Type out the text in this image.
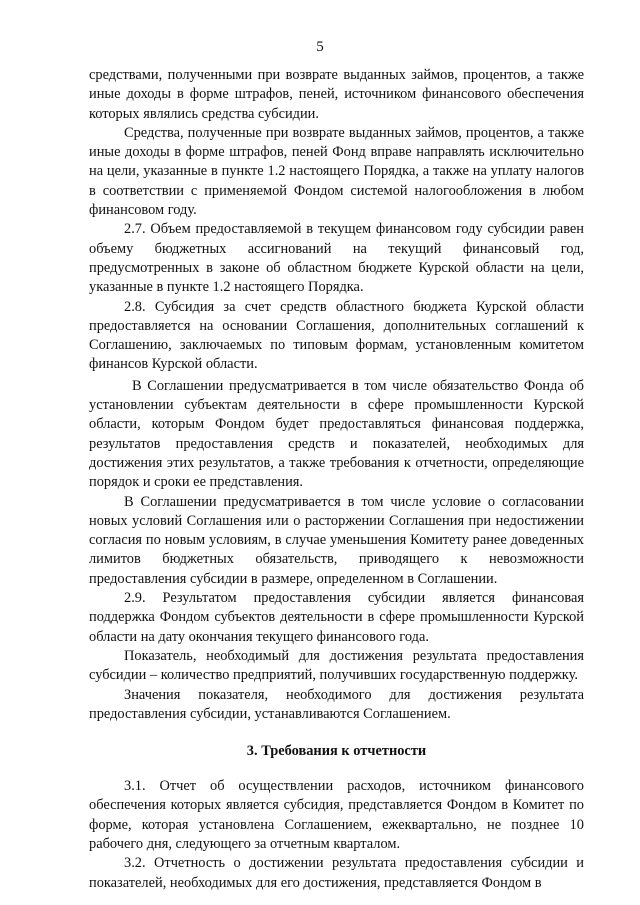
5

средствами, полученными при возврате выданных займов, процентов, а также иные доходы в форме штрафов, пеней, источником финансового обеспечения которых являлись средства субсидии.

Средства, полученные при возврате выданных займов, процентов, а также иные доходы в форме штрафов, пеней Фонд вправе направлять исключительно на цели, указанные в пункте 1.2 настоящего Порядка, а также на уплату налогов в соответствии с применяемой Фондом системой налогообложения в любом финансовом году.

2.7. Объем предоставляемой в текущем финансовом году субсидии равен объему бюджетных ассигнований на текущий финансовый год, предусмотренных в законе об областном бюджете Курской области на цели, указанные в пункте 1.2 настоящего Порядка.

2.8. Субсидия за счет средств областного бюджета Курской области предоставляется на основании Соглашения, дополнительных соглашений к Соглашению, заключаемых по типовым формам, установленным комитетом финансов Курской области.

В Соглашении предусматривается в том числе обязательство Фонда об установлении субъектам деятельности в сфере промышленности Курской области, которым Фондом будет предоставляться финансовая поддержка, результатов предоставления средств и показателей, необходимых для достижения этих результатов, а также требования к отчетности, определяющие порядок и сроки ее представления.

В Соглашении предусматривается в том числе условие о согласовании новых условий Соглашения или о расторжении Соглашения при недостижении согласия по новым условиям, в случае уменьшения Комитету ранее доведенных лимитов бюджетных обязательств, приводящего к невозможности предоставления субсидии в размере, определенном в Соглашении.

2.9. Результатом предоставления субсидии является финансовая поддержка Фондом субъектов деятельности в сфере промышленности Курской области на дату окончания текущего финансового года.

Показатель, необходимый для достижения результата предоставления субсидии – количество предприятий, получивших государственную поддержку.

Значения показателя, необходимого для достижения результата предоставления субсидии, устанавливаются Соглашением.

3. Требования к отчетности

3.1. Отчет об осуществлении расходов, источником финансового обеспечения которых является субсидия, представляется Фондом в Комитет по форме, которая установлена Соглашением, ежеквартально, не позднее 10 рабочего дня, следующего за отчетным кварталом.

3.2. Отчетность о достижении результата предоставления субсидии и показателей, необходимых для его достижения, представляется Фондом в
